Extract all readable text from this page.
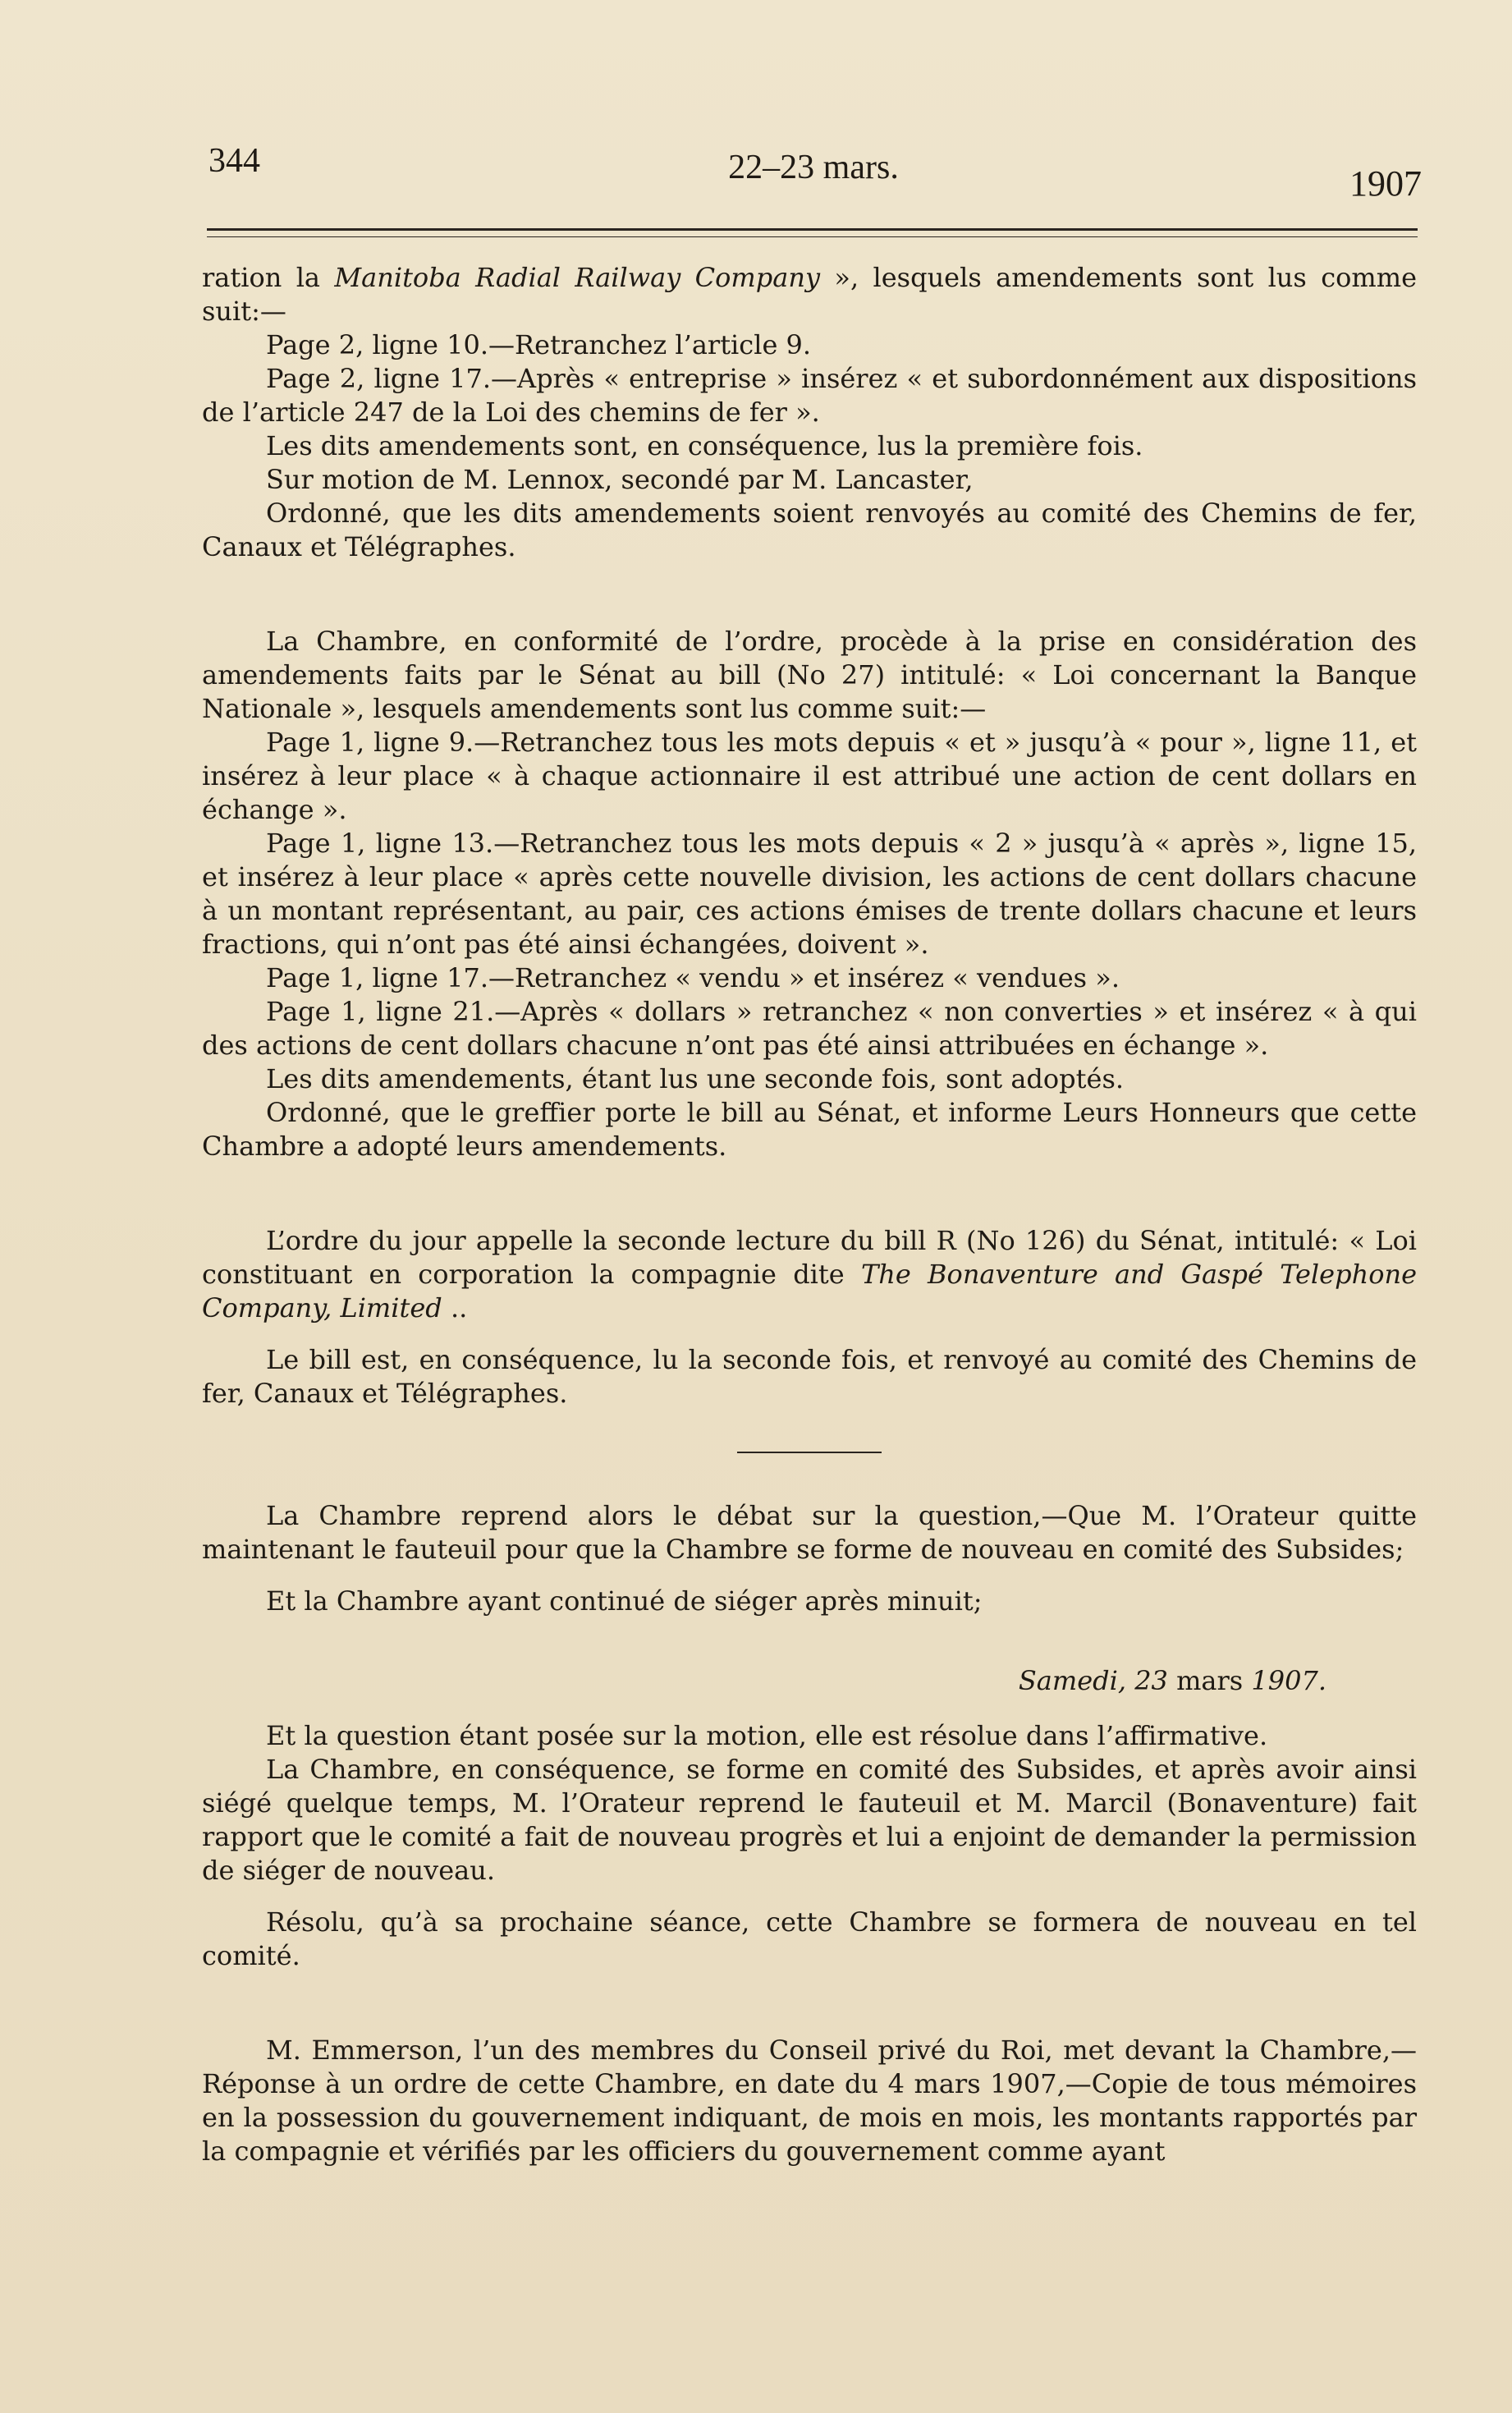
344	22–23 mars.	1907

ration la Manitoba Radial Railway Company », lesquels amendements sont lus comme suit:—

Page 2, ligne 10.—Retranchez l’article 9.

Page 2, ligne 17.—Après « entreprise » insérez « et subordonnément aux dispositions de l’article 247 de la Loi des chemins de fer ».

Les dits amendements sont, en conséquence, lus la première fois.

Sur motion de M. Lennox, secondé par M. Lancaster,

Ordonné, que les dits amendements soient renvoyés au comité des Chemins de fer, Canaux et Télégraphes.

La Chambre, en conformité de l’ordre, procède à la prise en considération des amendements faits par le Sénat au bill (No 27) intitulé: « Loi concernant la Banque Nationale », lesquels amendements sont lus comme suit:—

Page 1, ligne 9.—Retranchez tous les mots depuis « et » jusqu’à « pour », ligne 11, et insérez à leur place « à chaque actionnaire il est attribué une action de cent dollars en échange ».

Page 1, ligne 13.—Retranchez tous les mots depuis « 2 » jusqu’à « après », ligne 15, et insérez à leur place « après cette nouvelle division, les actions de cent dollars chacune à un montant représentant, au pair, ces actions émises de trente dollars chacune et leurs fractions, qui n’ont pas été ainsi échangées, doivent ».

Page 1, ligne 17.—Retranchez « vendu » et insérez « vendues ».

Page 1, ligne 21.—Après « dollars » retranchez « non converties » et insérez « à qui des actions de cent dollars chacune n’ont pas été ainsi attribuées en échange ».

Les dits amendements, étant lus une seconde fois, sont adoptés.

Ordonné, que le greffier porte le bill au Sénat, et informe Leurs Honneurs que cette Chambre a adopté leurs amendements.

L’ordre du jour appelle la seconde lecture du bill R (No 126) du Sénat, intitulé: « Loi constituant en corporation la compagnie dite The Bonaventure and Gaspé Telephone Company, Limited ..

Le bill est, en conséquence, lu la seconde fois, et renvoyé au comité des Chemins de fer, Canaux et Télégraphes.

La Chambre reprend alors le débat sur la question,—Que M. l’Orateur quitte maintenant le fauteuil pour que la Chambre se forme de nouveau en comité des Subsides;

Et la Chambre ayant continué de siéger après minuit;

Samedi, 23 mars 1907.

Et la question étant posée sur la motion, elle est résolue dans l’affirmative.

La Chambre, en conséquence, se forme en comité des Subsides, et après avoir ainsi siégé quelque temps, M. l’Orateur reprend le fauteuil et M. Marcil (Bonaventure) fait rapport que le comité a fait de nouveau progrès et lui a enjoint de demander la permission de siéger de nouveau.

Résolu, qu’à sa prochaine séance, cette Chambre se formera de nouveau en tel comité.

M. Emmerson, l’un des membres du Conseil privé du Roi, met devant la Chambre,—Réponse à un ordre de cette Chambre, en date du 4 mars 1907,—Copie de tous mémoires en la possession du gouvernement indiquant, de mois en mois, les montants rapportés par la compagnie et vérifiés par les officiers du gouvernement comme ayant
